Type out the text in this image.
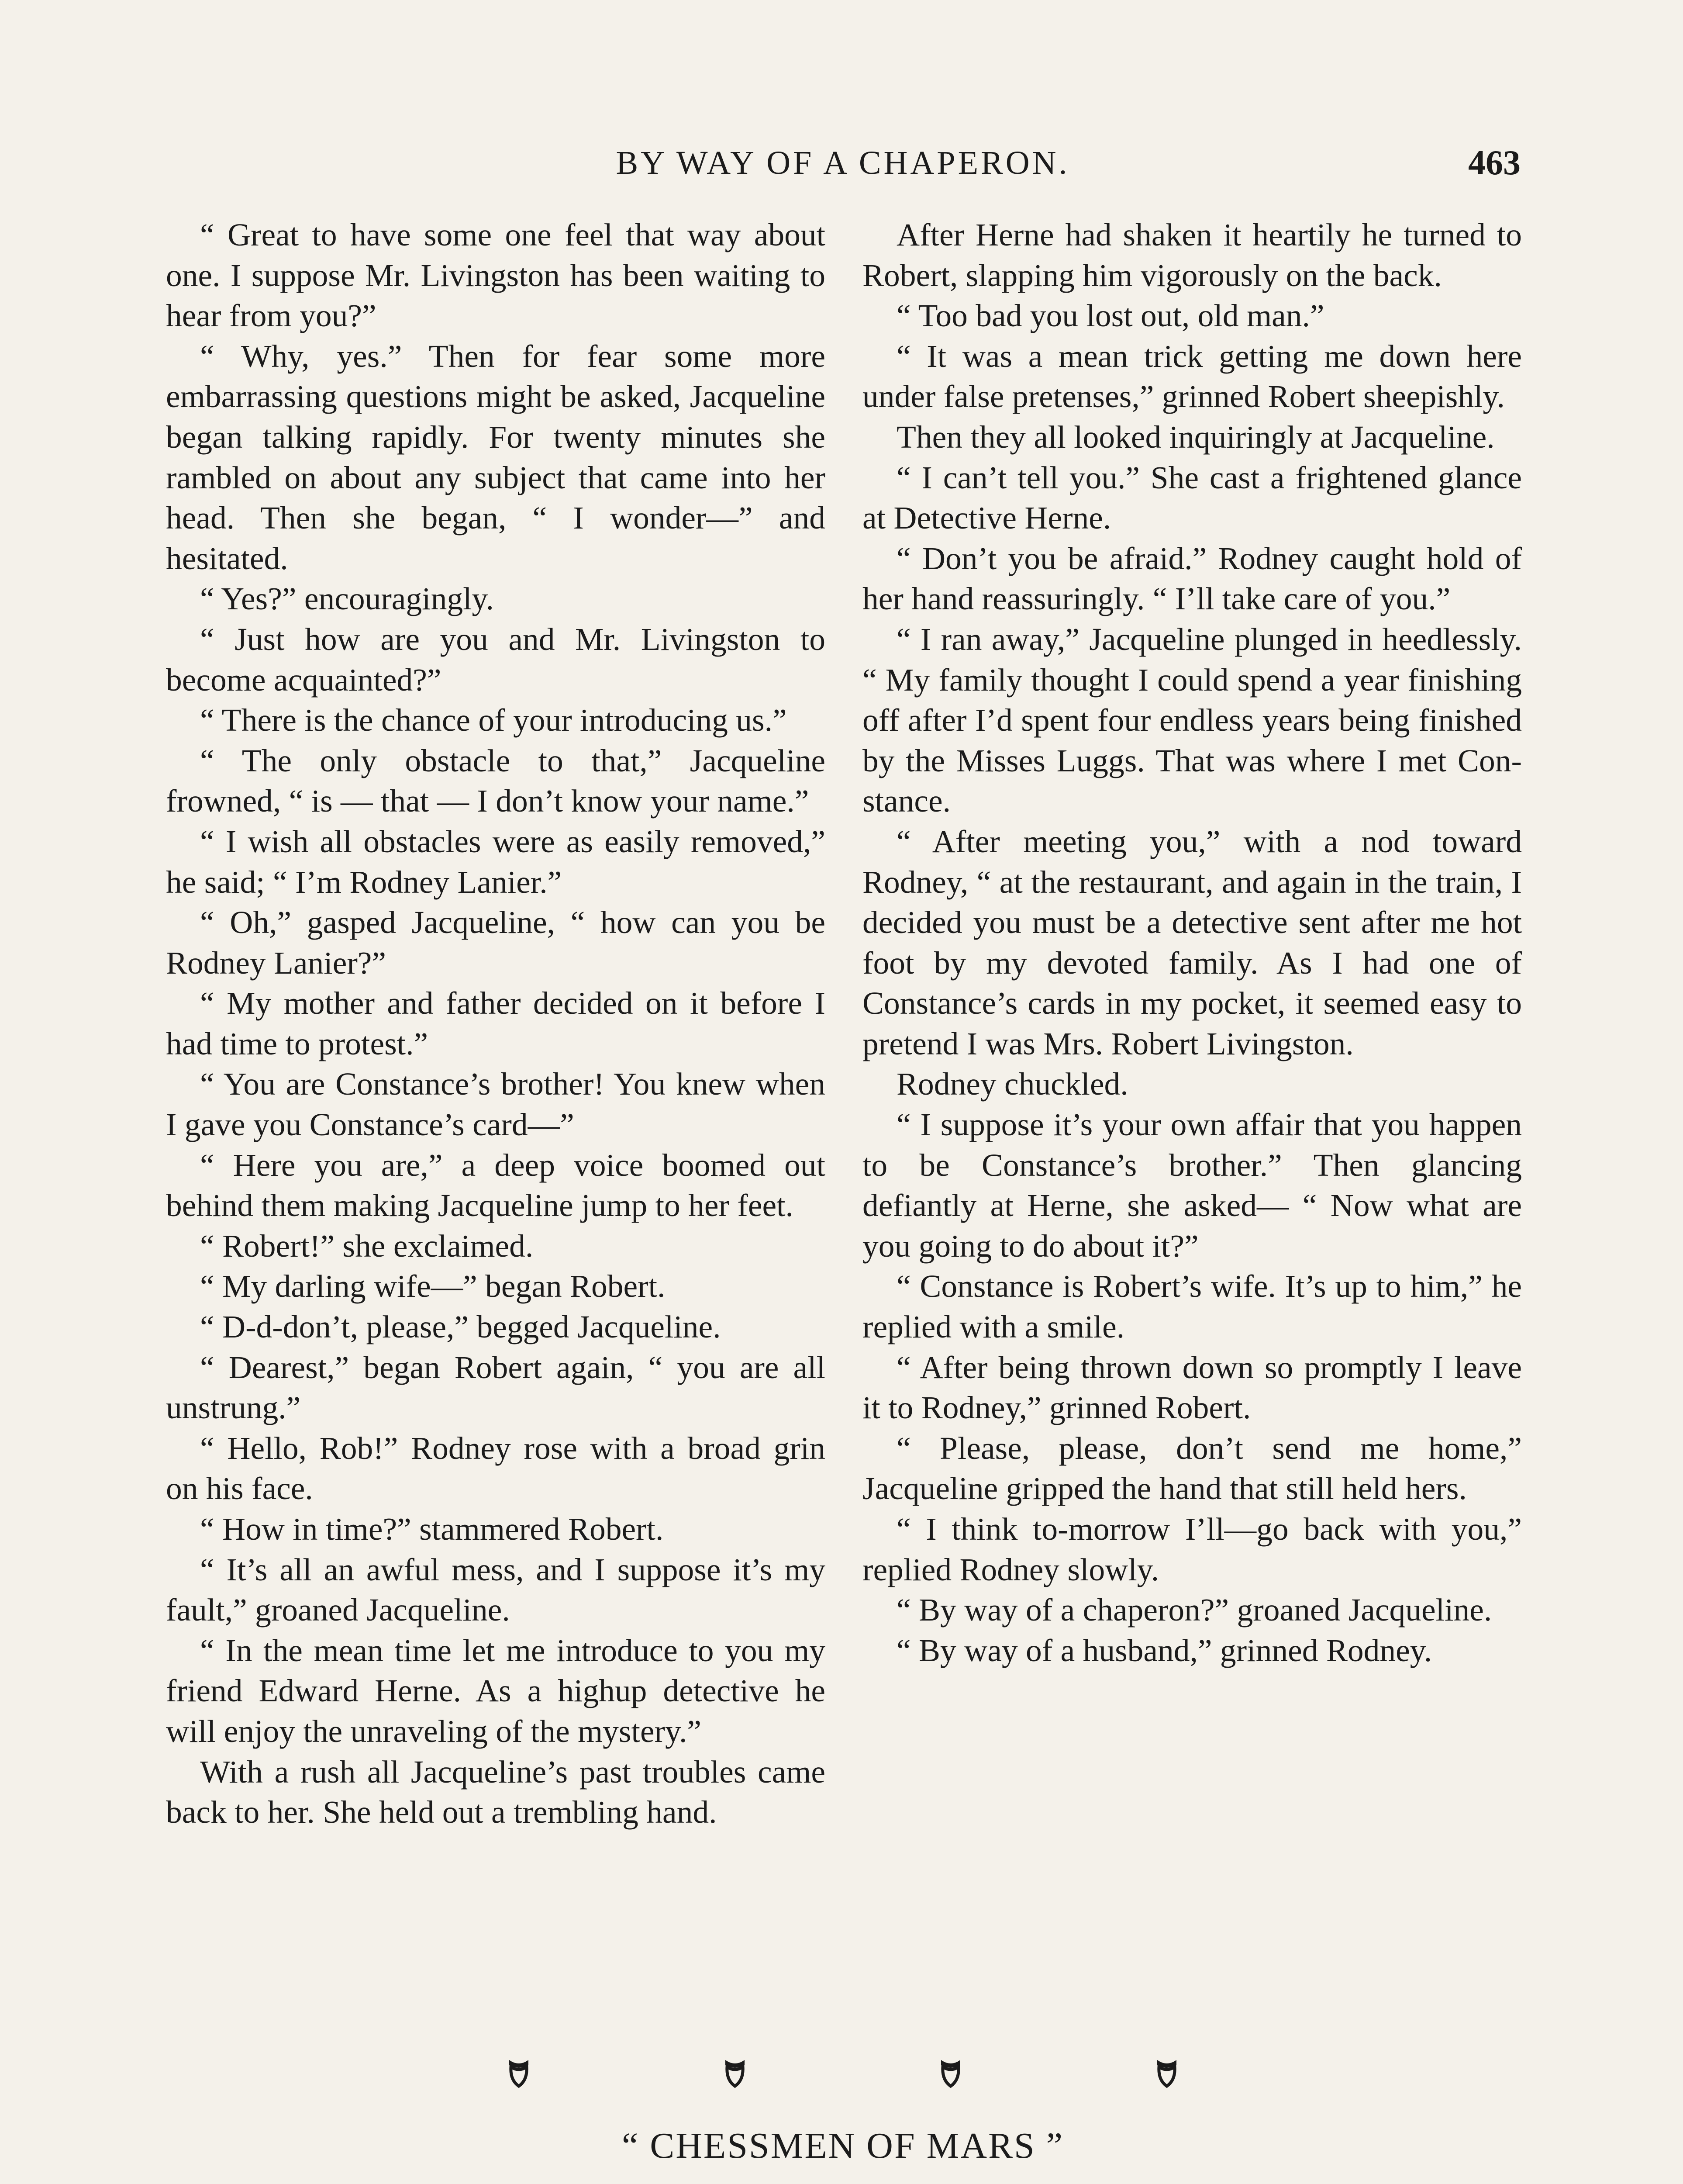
BY WAY OF A CHAPERON.	463

“ Great to have some one feel that way about one. I suppose Mr. Livingston has been waiting to hear from you?”

“ Why, yes.” Then for fear some more embarrassing questions might be asked, Jacqueline began talking rapidly. For twenty minutes she rambled on about any subject that came into her head. Then she began, “ I wonder—” and hesitated.

“ Yes?” encouragingly.

“ Just how are you and Mr. Livingston to become acquainted?”

“ There is the chance of your introducing us.”

“ The only obstacle to that,” Jacqueline frowned, “ is — that — I don’t know your name.”

“ I wish all obstacles were as easily removed,” he said; “ I’m Rodney Lanier.”

“ Oh,” gasped Jacqueline, “ how can you be Rodney Lanier?”

“ My mother and father decided on it before I had time to protest.”

“ You are Constance’s brother! You knew when I gave you Constance’s card—”

“ Here you are,” a deep voice boomed out behind them making Jacqueline jump to her feet.

“ Robert!” she exclaimed.

“ My darling wife—” began Robert.

“ D-d-don’t, please,” begged Jacqueline.

“ Dearest,” began Robert again, “ you are all unstrung.”

“ Hello, Rob!” Rodney rose with a broad grin on his face.

“ How in time?” stammered Robert.

“ It’s all an awful mess, and I suppose it’s my fault,” groaned Jacqueline.

“ In the mean time let me introduce to you my friend Edward Herne. As a highup detective he will enjoy the unraveling of the mystery.”

With a rush all Jacqueline’s past troubles came back to her. She held out a trembling hand.

After Herne had shaken it heartily he turned to Robert, slapping him vigorously on the back.

“ Too bad you lost out, old man.”

“ It was a mean trick getting me down here under false pretenses,” grinned Robert sheepishly.

Then they all looked inquiringly at Jacqueline.

“ I can’t tell you.” She cast a frightened glance at Detective Herne.

“ Don’t you be afraid.” Rodney caught hold of her hand reassuringly. “ I’ll take care of you.”

“ I ran away,” Jacqueline plunged in heedlessly. “ My family thought I could spend a year finishing off after I’d spent four endless years being finished by the Misses Luggs. That was where I met Constance.

“ After meeting you,” with a nod toward Rodney, “ at the restaurant, and again in the train, I decided you must be a detective sent after me hot foot by my devoted family. As I had one of Constance’s cards in my pocket, it seemed easy to pretend I was Mrs. Robert Livingston.

Rodney chuckled.

“ I suppose it’s your own affair that you happen to be Constance’s brother.” Then glancing defiantly at Herne, she asked— “ Now what are you going to do about it?”

“ Constance is Robert’s wife. It’s up to him,” he replied with a smile.

“ After being thrown down so promptly I leave it to Rodney,” grinned Robert.

“ Please, please, don’t send me home,” Jacqueline gripped the hand that still held hers.

“ I think to-morrow I’ll—go back with you,” replied Rodney slowly.

“ By way of a chaperon?” groaned Jacqueline.

“ By way of a husband,” grinned Rodney.

“ CHESSMEN OF MARS ”
